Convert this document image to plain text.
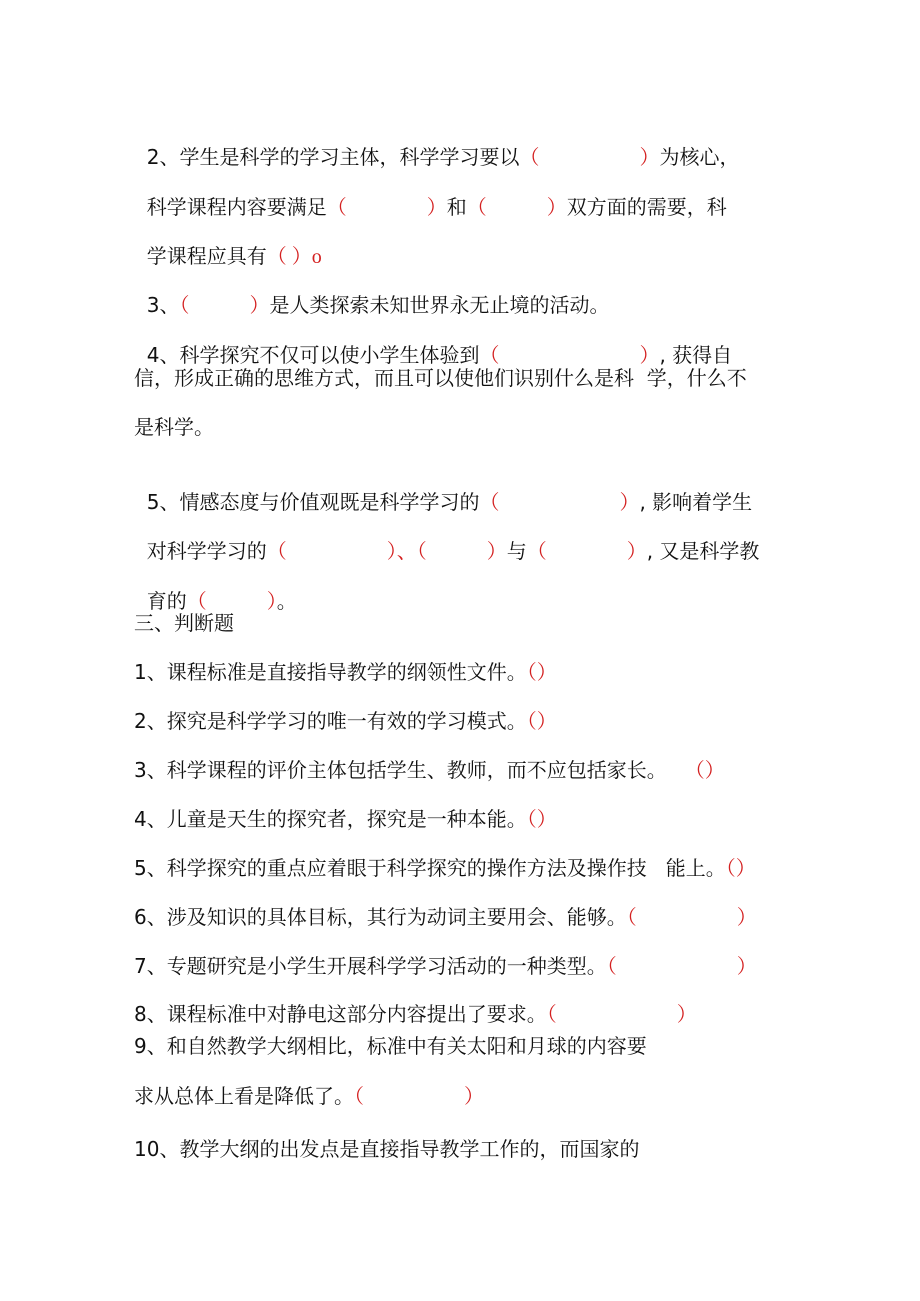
2、学生是科学的学习主体，科学学习要以（　　　　　）为核心，

科学课程内容要满足（　　　　）和（　　　）双方面的需要，科

学课程应具有（ ）o

3、（　　　）是人类探索未知世界永无止境的活动。

4、科学探究不仅可以使小学生体验到（　　　　　　　）, 获得自

信，形成正确的思维方式，而且可以使他们识别什么是科  学，什么不
是科学。

5、情感态度与价值观既是科学学习的（　　　　　　）, 影响着学生

对科学学习的（　　　　　）、（　　　）与（　　　　）, 又是科学教

育的（　　　）。

三、判断题
1、课程标准是直接指导教学的纲领性文件。（）
2、探究是科学学习的唯一有效的学习模式。（）
3、科学课程的评价主体包括学生、教师，而不应包括家长。 （）
4、儿童是天生的探究者，探究是一种本能。（）
5、科学探究的重点应着眼于科学探究的操作方法及操作技   能上。（）
6、涉及知识的具体目标，其行为动词主要用会、能够。（　　　　　）
7、专题研究是小学生开展科学学习活动的一种类型。（　　　　　　）
8、课程标准中对静电这部分内容提出了要求。（　　　　　　）
9、和自然教学大纲相比，标准中有关太阳和月球的内容要
求从总体上看是降低了。（　　　　　）
10、教学大纲的出发点是直接指导教学工作的，而国家的
